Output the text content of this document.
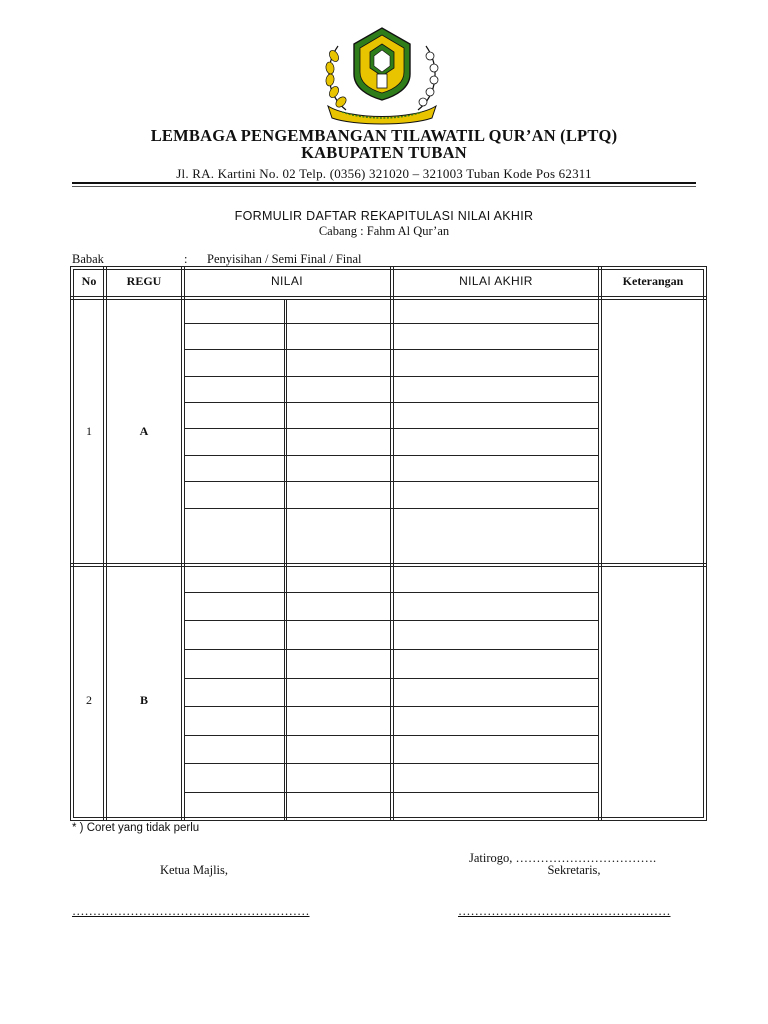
LEMBAGA PENGEMBANGAN TILAWATIL QUR’AN (LPTQ)
KABUPATEN TUBAN
Jl. RA. Kartini No. 02 Telp. (0356) 321020 – 321003 Tuban Kode Pos 62311
FORMULIR DAFTAR REKAPITULASI NILAI AKHIR
Cabang : Fahm Al Qur’an
Babak	: Penyisihan / Semi Final / Final
No	REGU	NILAI	NILAI AKHIR	Keterangan
1	A
2	B
* ) Coret yang tidak perlu
Jatirogo, …………………………….
Ketua Majlis,	Sekretaris,
…………………………………………………	……………………………………………
